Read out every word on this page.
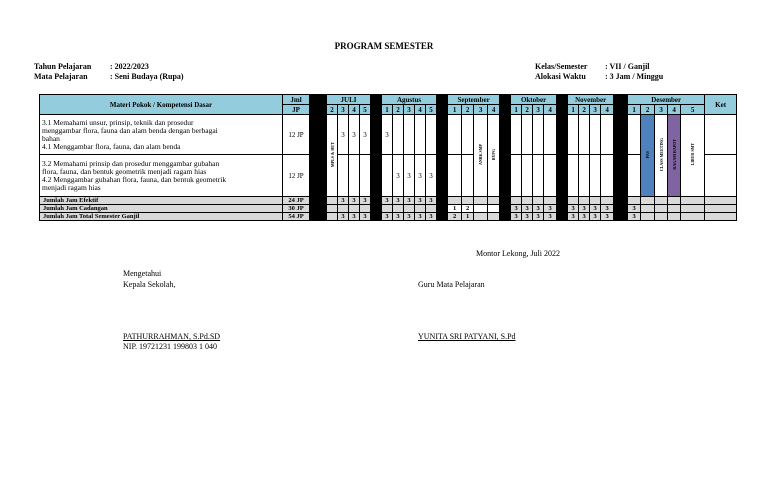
PROGRAM SEMESTER
Tahun Pelajaran	: 2022/2023
Mata Pelajaran	: Seni Budaya (Rupa)
Kelas/Semester	: VII / Ganjil
Alokasi Waktu	: 3 Jam / Minggu
Materi Pokok / Kompetensi Dasar	Jml		JULI					Agustus						September					Oktober					November					Desember					Ket
	JP		2	3	4	5		1	2	3	4	5		1	2	3	4		1	2	3	4		1	2	3	4		1	2	3	4	5	

3.1 Memahami unsur, prinsip, teknik dan prosedur
menggambar flora, fauna dan alam benda dengan berbagai
bahan
4.1 Menggambar flora, fauna, dan alam benda	12 JP		MPLS & HUT	3	3	3		3								ANBK SMP	BYPG													PAS	CLASS MEETING	RAGAM RAPOT	LIBUR SMT	

3.2 Memahami prinsip dan prosedur menggambar gubahan
flora, fauna, dan bentuk geometrik menjadi ragam hias
4.2 Menggambar gubahan flora, fauna, dan bentuk geometrik
menjadi ragam hias	12 JP								3	3	3	3																						
Jumlah Jam Efektif	24 JP			3	3	3		3	3	3	3	3																						
Jumlah Jam Cadangan	30 JP													1	2				3	3	3	3		3	3	3	3		3					
Jumlah Jam Total Semester Ganjil	54 JP			3	3	3		3	3	3	3	3		2	1				3	3	3	3		3	3	3	3		3					
Montor Lekong, Juli 2022
Mengetahui
Kepala Sekolah,	Guru Mata Pelajaran
PATHURRAHMAN, S.Pd.SD
NIP. 19721231 199803 1 040
YUNITA SRI PATYANI, S.Pd
